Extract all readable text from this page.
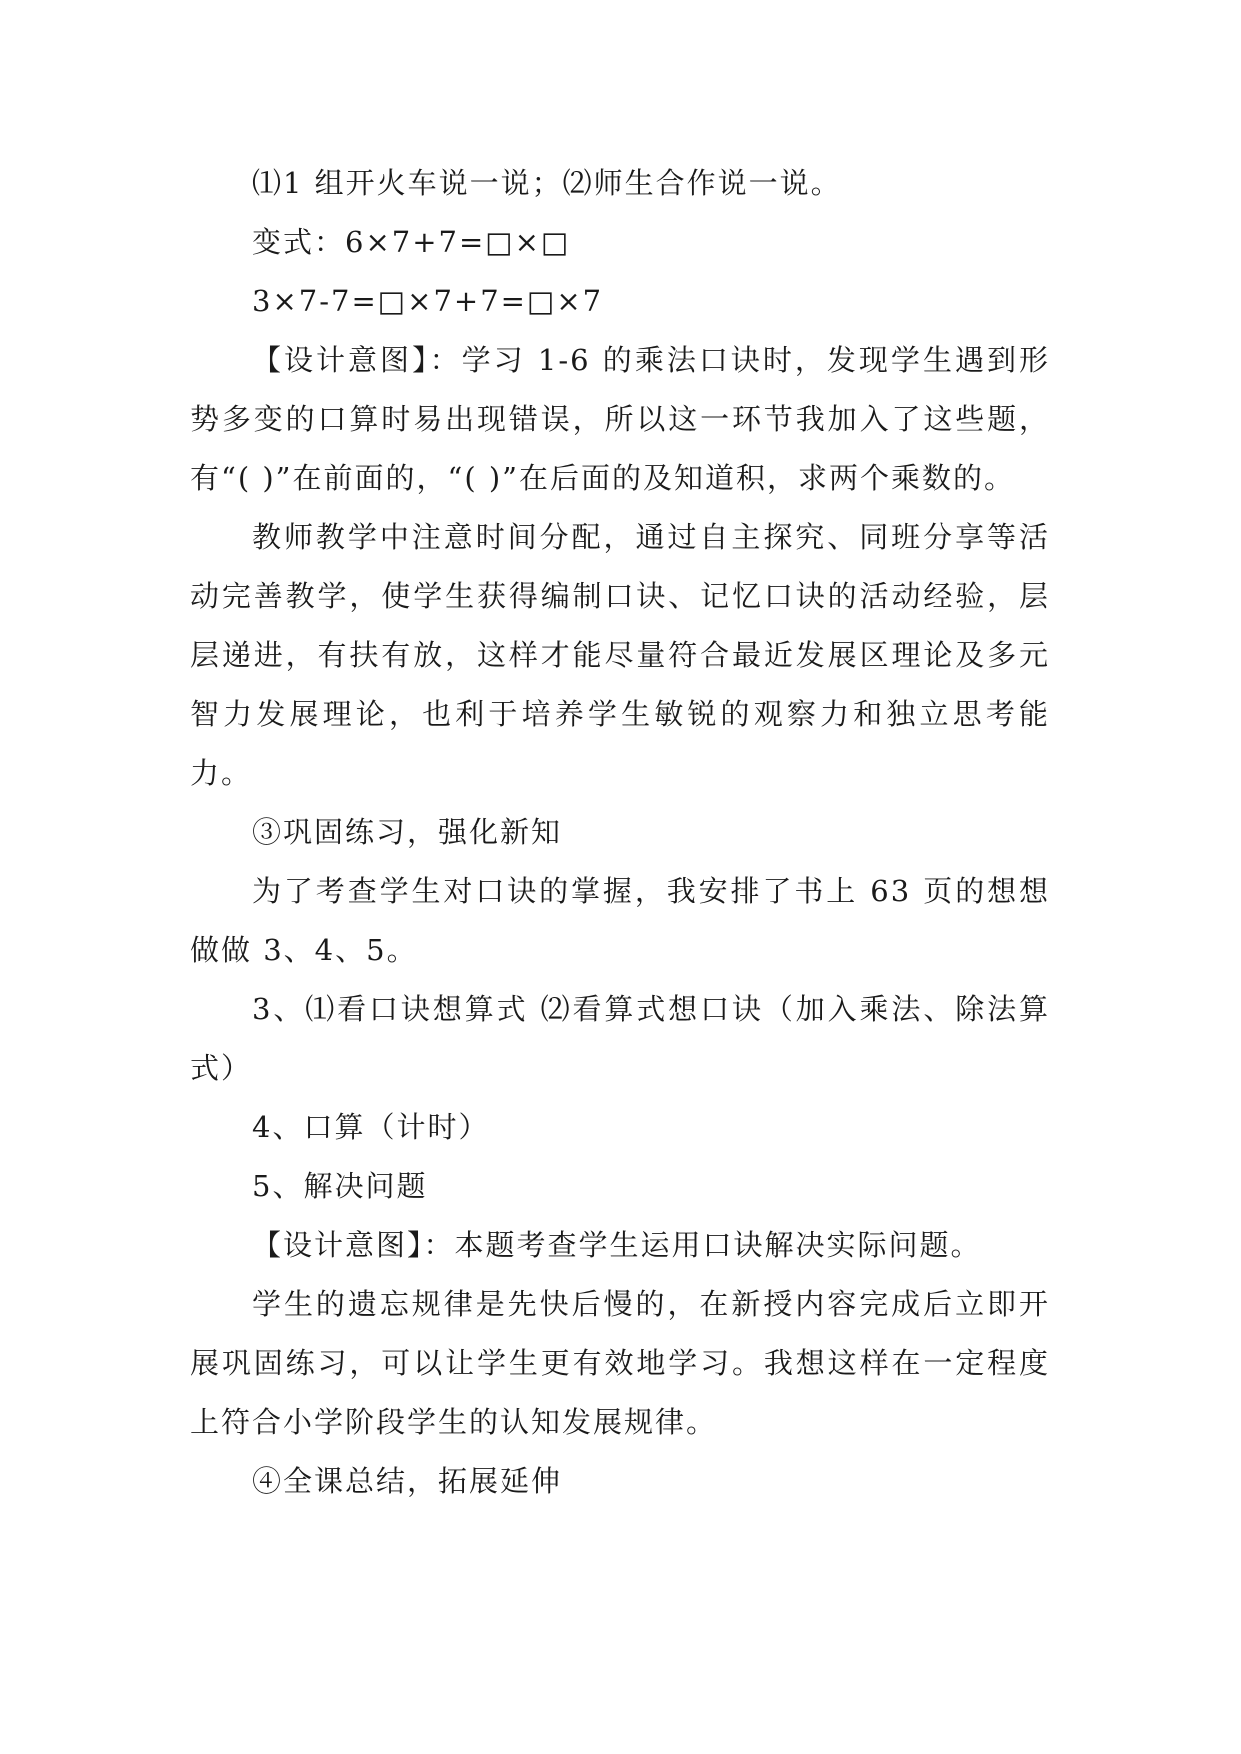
⑴1 组开火车说一说；⑵师生合作说一说。

变式：6×7+7=□×□

3×7-7=□×7+7=□×7

【设计意图】：学习 1-6 的乘法口诀时，发现学生遇到形势多变的口算时易出现错误，所以这一环节我加入了这些题，有“( )”在前面的，“( )”在后面的及知道积，求两个乘数的。

教师教学中注意时间分配，通过自主探究、同班分享等活动完善教学，使学生获得编制口诀、记忆口诀的活动经验，层层递进，有扶有放，这样才能尽量符合最近发展区理论及多元智力发展理论，也利于培养学生敏锐的观察力和独立思考能力。

③巩固练习，强化新知

为了考查学生对口诀的掌握，我安排了书上 63 页的想想做做 3、4、5。

3、⑴看口诀想算式 ⑵看算式想口诀（加入乘法、除法算式）

4、口算（计时）

5、解决问题

【设计意图】：本题考查学生运用口诀解决实际问题。

学生的遗忘规律是先快后慢的，在新授内容完成后立即开展巩固练习，可以让学生更有效地学习。我想这样在一定程度上符合小学阶段学生的认知发展规律。

④全课总结，拓展延伸
